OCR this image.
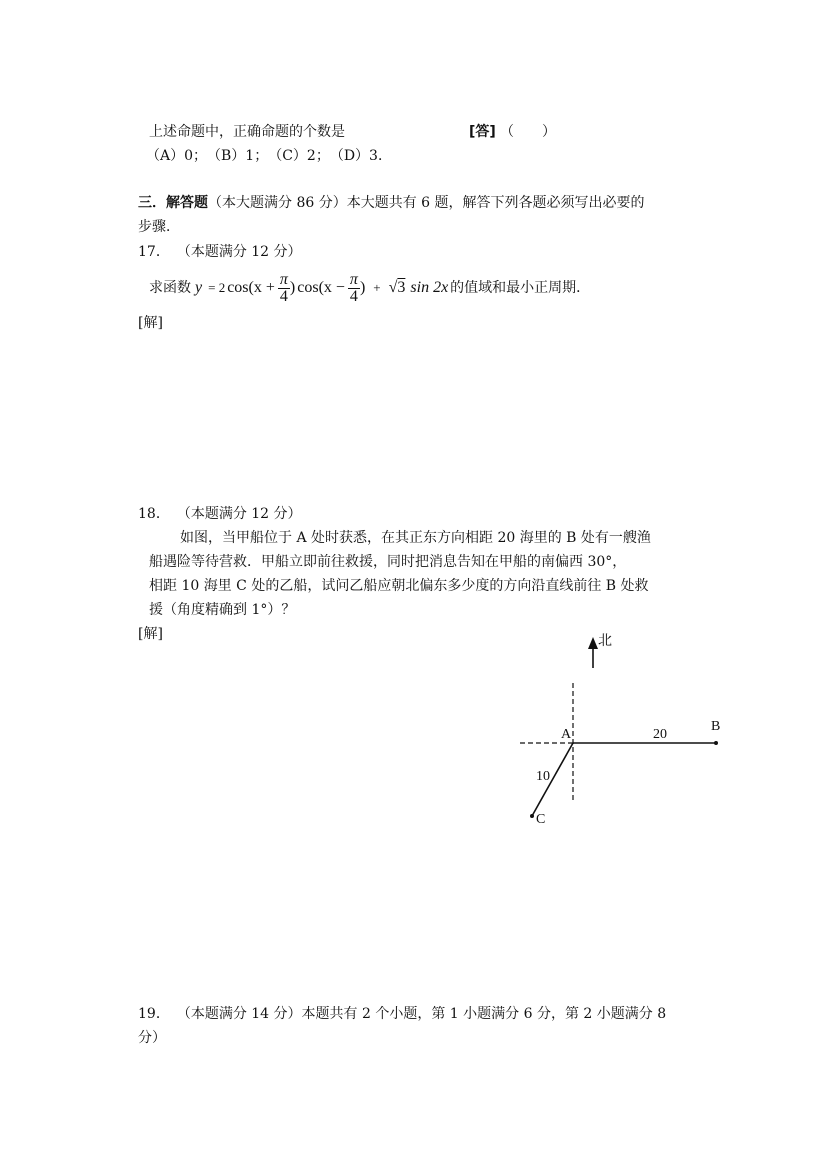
上述命题中，正确命题的个数是	[答] （　　）
（A）0；　（B）1；　（C）2；　（D）3．
三．解答题（本大题满分 86 分）本大题共有 6 题，解答下列各题必须写出必要的
步骤．
17． （本题满分 12 分）
求函数 y = 2 $\cos(x + \frac{\pi}{4}$ ) $\cos(x - \frac{\pi}{4}$ ) + √ 3 sin 2x 的值域和最小正周期．
[解]
18． （本题满分 12 分）
如图，当甲船位于 A 处时获悉，在其正东方向相距 20 海里的 B 处有一艘渔
船遇险等待营救．甲船立即前往救援，同时把消息告知在甲船的南偏西 30°，
相距 10 海里 C 处的乙船，试问乙船应朝北偏东多少度的方向沿直线前往 B 处救
援（角度精确到 1°）？
[解]	北
A
B
C
20
10
19． （本题满分 14 分）本题共有 2 个小题，第 1 小题满分 6 分，第 2 小题满分 8
分）
